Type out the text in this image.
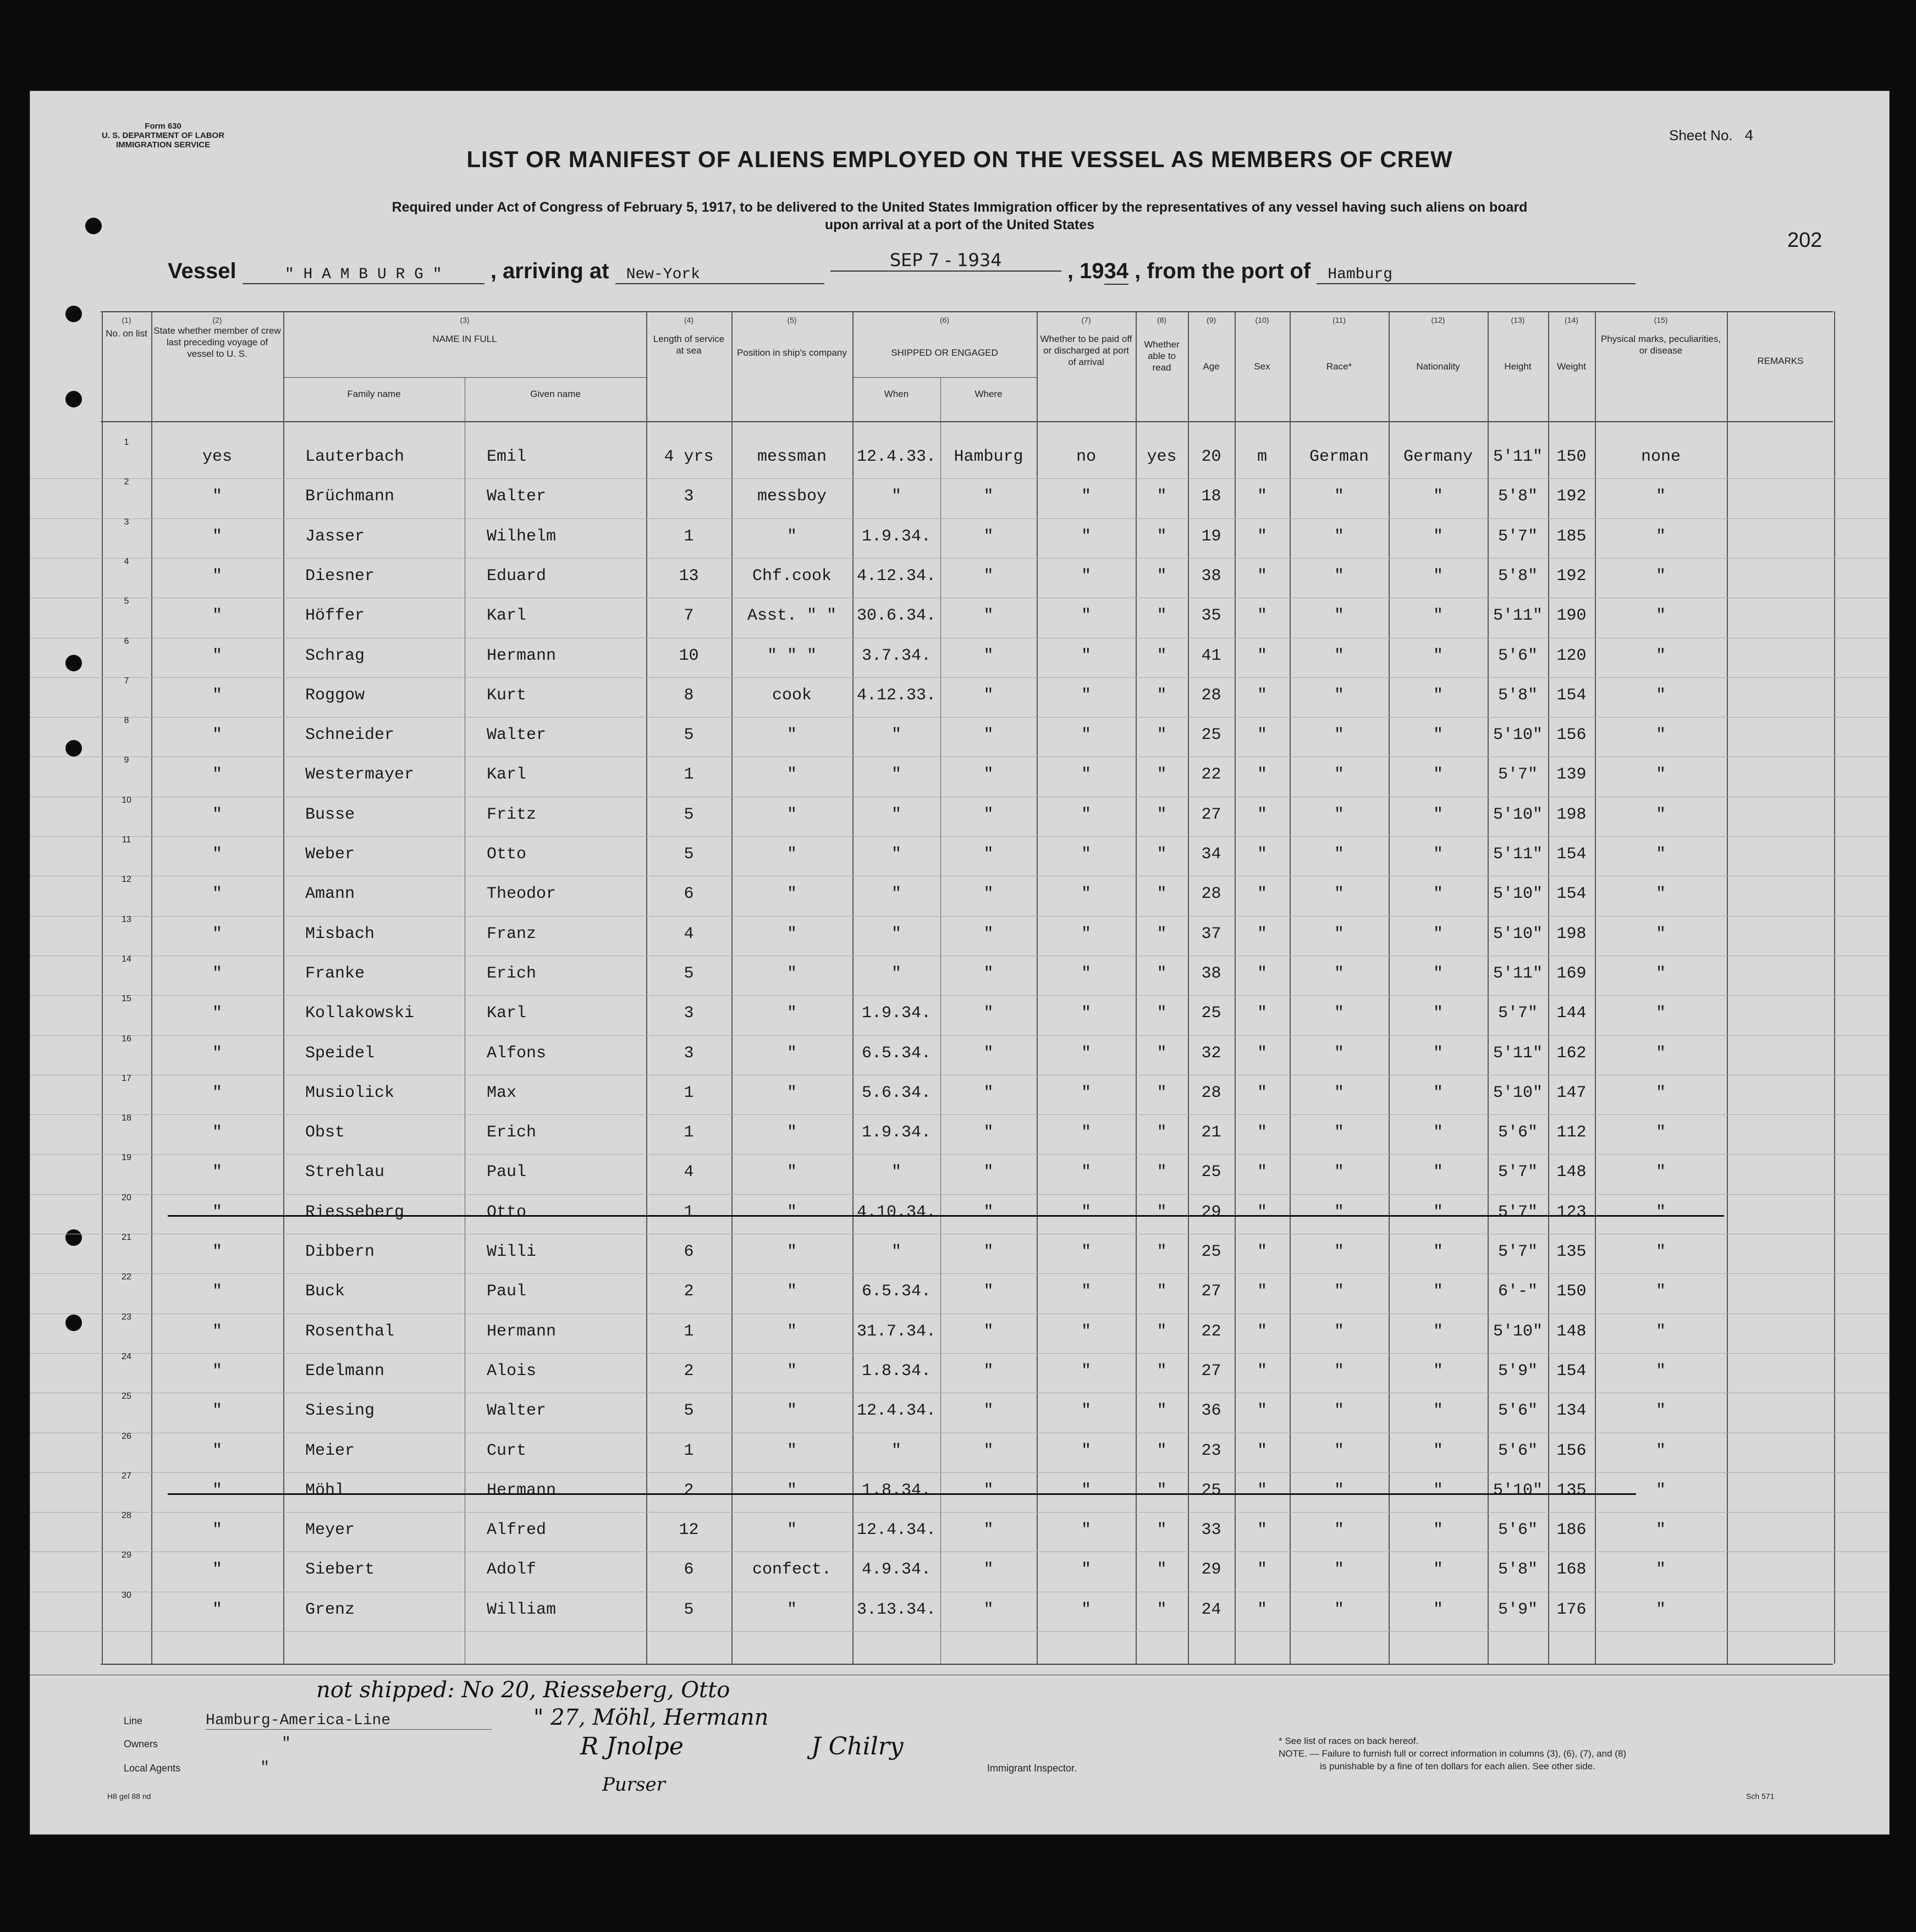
Form 630
U. S. DEPARTMENT OF LABOR
IMMIGRATION SERVICE
Sheet No. 4
202
LIST OR MANIFEST OF ALIENS EMPLOYED ON THE VESSEL AS MEMBERS OF CREW
Required under Act of Congress of February 5, 1917, to be delivered to the United States Immigration officer by the representatives of any vessel having such aliens on board
upon arrival at a port of the United States
Vessel	" H A M B U R G " , arriving at New-York SEP 7 - 1934	, 1934 , from the port of Hamburg
(1)
No. on list
(2)
State whether member of crew last preceding voyage of vessel to U. S.
(3)
NAME IN FULL
Family name	Given name
(4)
Length of service at sea
(5)
Position in ship's company
(6)
SHIPPED OR ENGAGED
When	Where
(7)
Whether to be paid off or discharged at port of arrival
(8)
Whether able to read
(9)
Age
(10)
Sex
(11)
Race*
(12)
Nationality
(13)
Height
(14)
Weight
(15)
Physical marks, peculiarities, or disease
REMARKS
1
yes	Lauterbach	Emil	4 yrs	messman	12.4.33.	Hamburg	no	yes	20	m	German	Germany	5'11" 150	none
2
"	Brüchmann	Walter	3	messboy	"	"	"	"	18	"	"	"	5'8"	192	"
3
"	Jasser	Wilhelm	1	"	1.9.34.	"	"	"	19	"	"	"	5'7"	185	"
4
"	Diesner	Eduard	13	Chf.cook	4.12.34.	"	"	"	38	"	"	"	5'8"	192	"
5
"	Höffer	Karl	7	Asst. " "	30.6.34.	"	"	"	35	"	"	"	5'11" 190	"
6
"	Schrag	Hermann	10	" " "	3.7.34.	"	"	"	41	"	"	"	5'6"	120	"
7
"	Roggow	Kurt	8	cook	4.12.33.	"	"	"	28	"	"	"	5'8"	154	"
8
"	Schneider	Walter	5	"	"	"	"	"	25	"	"	"	5'10" 156	"
9
"	Westermayer	Karl	1	"	"	"	"	"	22	"	"	"	5'7"	139	"
10
"	Busse	Fritz	5	"	"	"	"	"	27	"	"	"	5'10" 198	"
11
"	Weber	Otto	5	"	"	"	"	"	34	"	"	"	5'11" 154	"
12
"	Amann	Theodor	6	"	"	"	"	"	28	"	"	"	5'10" 154	"
13
"	Misbach	Franz	4	"	"	"	"	"	37	"	"	"	5'10" 198	"
14
"	Franke	Erich	5	"	"	"	"	"	38	"	"	"	5'11" 169	"
15
"	Kollakowski	Karl	3	"	1.9.34.	"	"	"	25	"	"	"	5'7"	144	"
16
"	Speidel	Alfons	3	"	6.5.34.	"	"	"	32	"	"	"	5'11" 162	"
17
"	Musiolick	Max	1	"	5.6.34.	"	"	"	28	"	"	"	5'10" 147	"
18
"	Obst	Erich	1	"	1.9.34.	"	"	"	21	"	"	"	5'6"	112	"
19
"	Strehlau	Paul	4	"	"	"	"	"	25	"	"	"	5'7"	148	"
20
"	Riesseberg	Otto	1	"	4.10.34.	"	"	"	29	"	"	"	5'7"	123	"
21
"	Dibbern	Willi	6	"	"	"	"	"	25	"	"	"	5'7"	135	"
22
"	Buck	Paul	2	"	6.5.34.	"	"	"	27	"	"	"	6'-"	150	"
23
"	Rosenthal	Hermann	1	"	31.7.34.	"	"	"	22	"	"	"	5'10" 148	"
24
"	Edelmann	Alois	2	"	1.8.34.	"	"	"	27	"	"	"	5'9"	154	"
25
"	Siesing	Walter	5	"	12.4.34.	"	"	"	36	"	"	"	5'6"	134	"
26
"	Meier	Curt	1	"	"	"	"	"	23	"	"	"	5'6"	156	"
27
"	Möhl	Hermann	2	"	1.8.34.	"	"	"	25	"	"	"	5'10" 135	"
28
"	Meyer	Alfred	12	"	12.4.34.	"	"	"	33	"	"	"	5'6"	186	"
29
"	Siebert	Adolf	6	confect.	4.9.34.	"	"	"	29	"	"	"	5'8"	168	"
30
"	Grenz	William	5	"	3.13.34.	"	"	"	24	"	"	"	5'9"	176	"
not shipped: No 20, Riesseberg, Otto
" 27, Möhl, Hermann
Line	Hamburg-America-Line
Owners	"
Local Agents	"
R Jnolpe
Purser
J Chilry
Immigrant Inspector.
* See list of races on back hereof.
NOTE. — Failure to furnish full or correct information in columns (3), (6), (7), and (8)
is punishable by a fine of ten dollars for each alien. See other side.
H8 gel 88 nd	Sch 571
